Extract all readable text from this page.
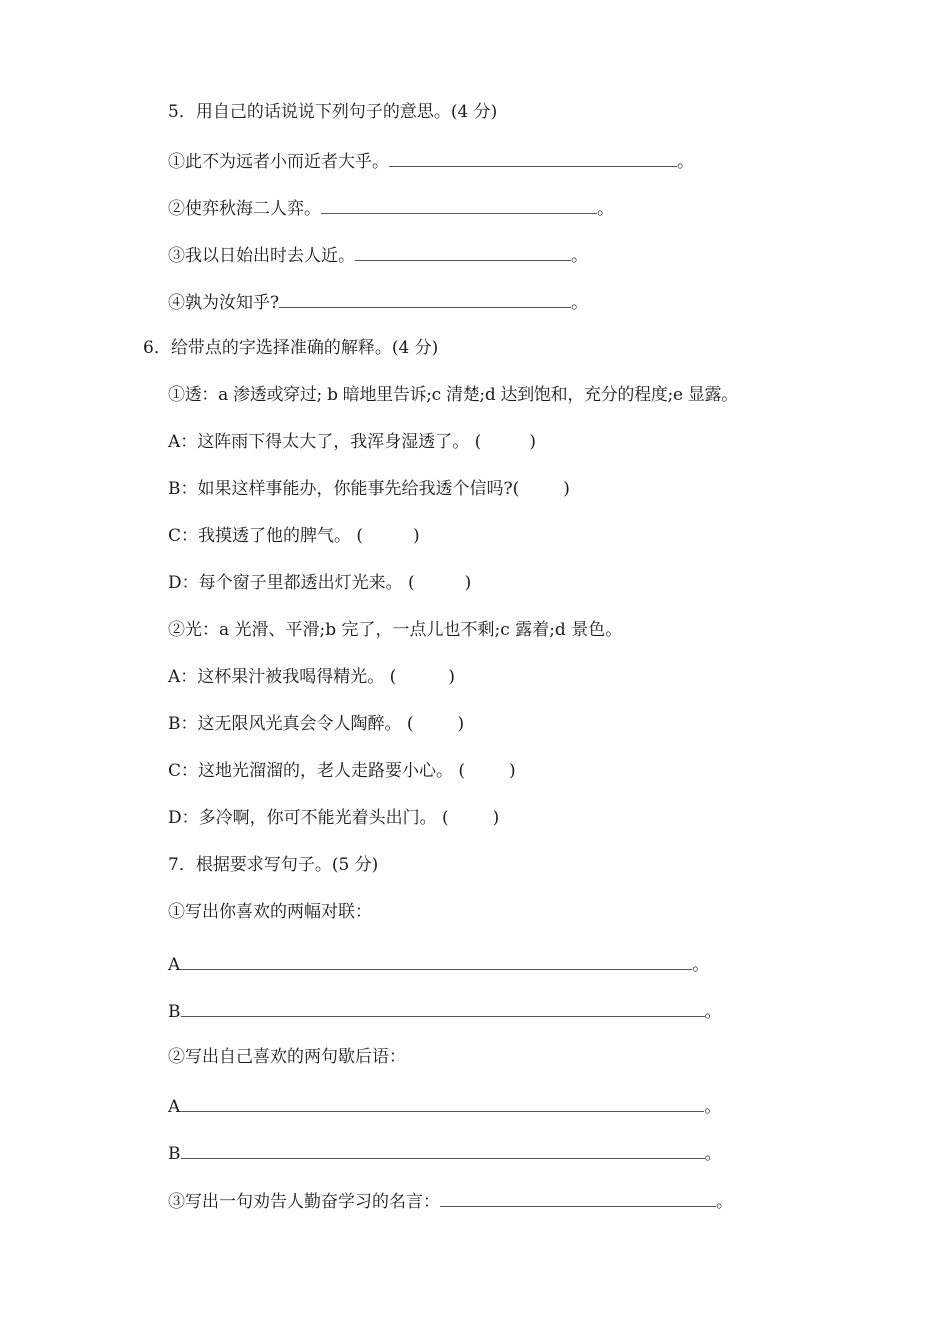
5．用自己的话说说下列句子的意思。(4 分)
①此不为远者小而近者大乎。	。
②使弈秋海二人弈。	。
③我以日始出时去人近。	。
④孰为汝知乎?	。
6．给带点的字选择准确的解释。(4 分)
①透：a 渗透或穿过; b 暗地里告诉;c 清楚;d 达到饱和，充分的程度;e 显露。
A：这阵雨下得太大了，我浑身湿透了。 (	)
B：如果这样事能办，你能事先给我透个信吗?(	)
C：我摸透了他的脾气。 (	)
D：每个窗子里都透出灯光来。 (	)
②光：a 光滑、平滑;b 完了，一点儿也不剩;c 露着;d 景色。
A：这杯果汁被我喝得精光。 (	)
B：这无限风光真会令人陶醉。 (	)
C：这地光溜溜的，老人走路要小心。 (	)
D：多冷啊，你可不能光着头出门。 (	)
7．根据要求写句子。(5 分)
①写出你喜欢的两幅对联：
A	。
B	。
②写出自己喜欢的两句歇后语：
A	。
B	。
③写出一句劝告人勤奋学习的名言：	。
